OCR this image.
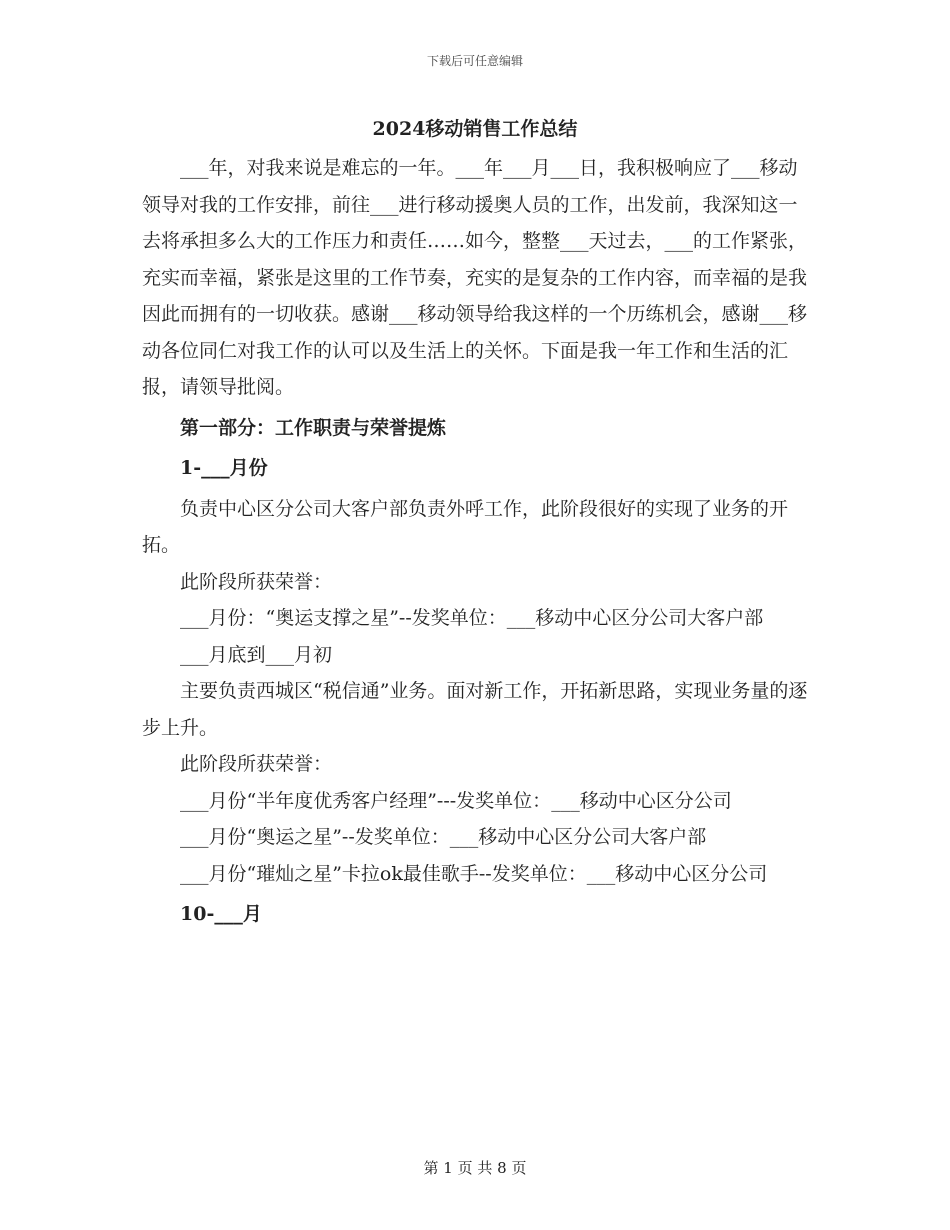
下载后可任意编辑
2024移动销售工作总结

___年，对我来说是难忘的一年。___年___月___日，我积极响应了___移动领导对我的工作安排，前往___进行移动援奥人员的工作，出发前，我深知这一去将承担多么大的工作压力和责任……如今，整整___天过去，___的工作紧张，充实而幸福，紧张是这里的工作节奏，充实的是复杂的工作内容，而幸福的是我因此而拥有的一切收获。感谢___移动领导给我这样的一个历练机会，感谢___移动各位同仁对我工作的认可以及生活上的关怀。下面是我一年工作和生活的汇报，请领导批阅。

第一部分：工作职责与荣誉提炼

1-___月份

负责中心区分公司大客户部负责外呼工作，此阶段很好的实现了业务的开拓。

此阶段所获荣誉：

___月份：“奥运支撑之星”--发奖单位：___移动中心区分公司大客户部

___月底到___月初

主要负责西城区“税信通”业务。面对新工作，开拓新思路，实现业务量的逐步上升。

此阶段所获荣誉：

___月份“半年度优秀客户经理”---发奖单位：___移动中心区分公司

___月份“奥运之星”--发奖单位：___移动中心区分公司大客户部

___月份“璀灿之星”卡拉ok最佳歌手--发奖单位：___移动中心区分公司

10-___月

第 1 页 共 8 页
